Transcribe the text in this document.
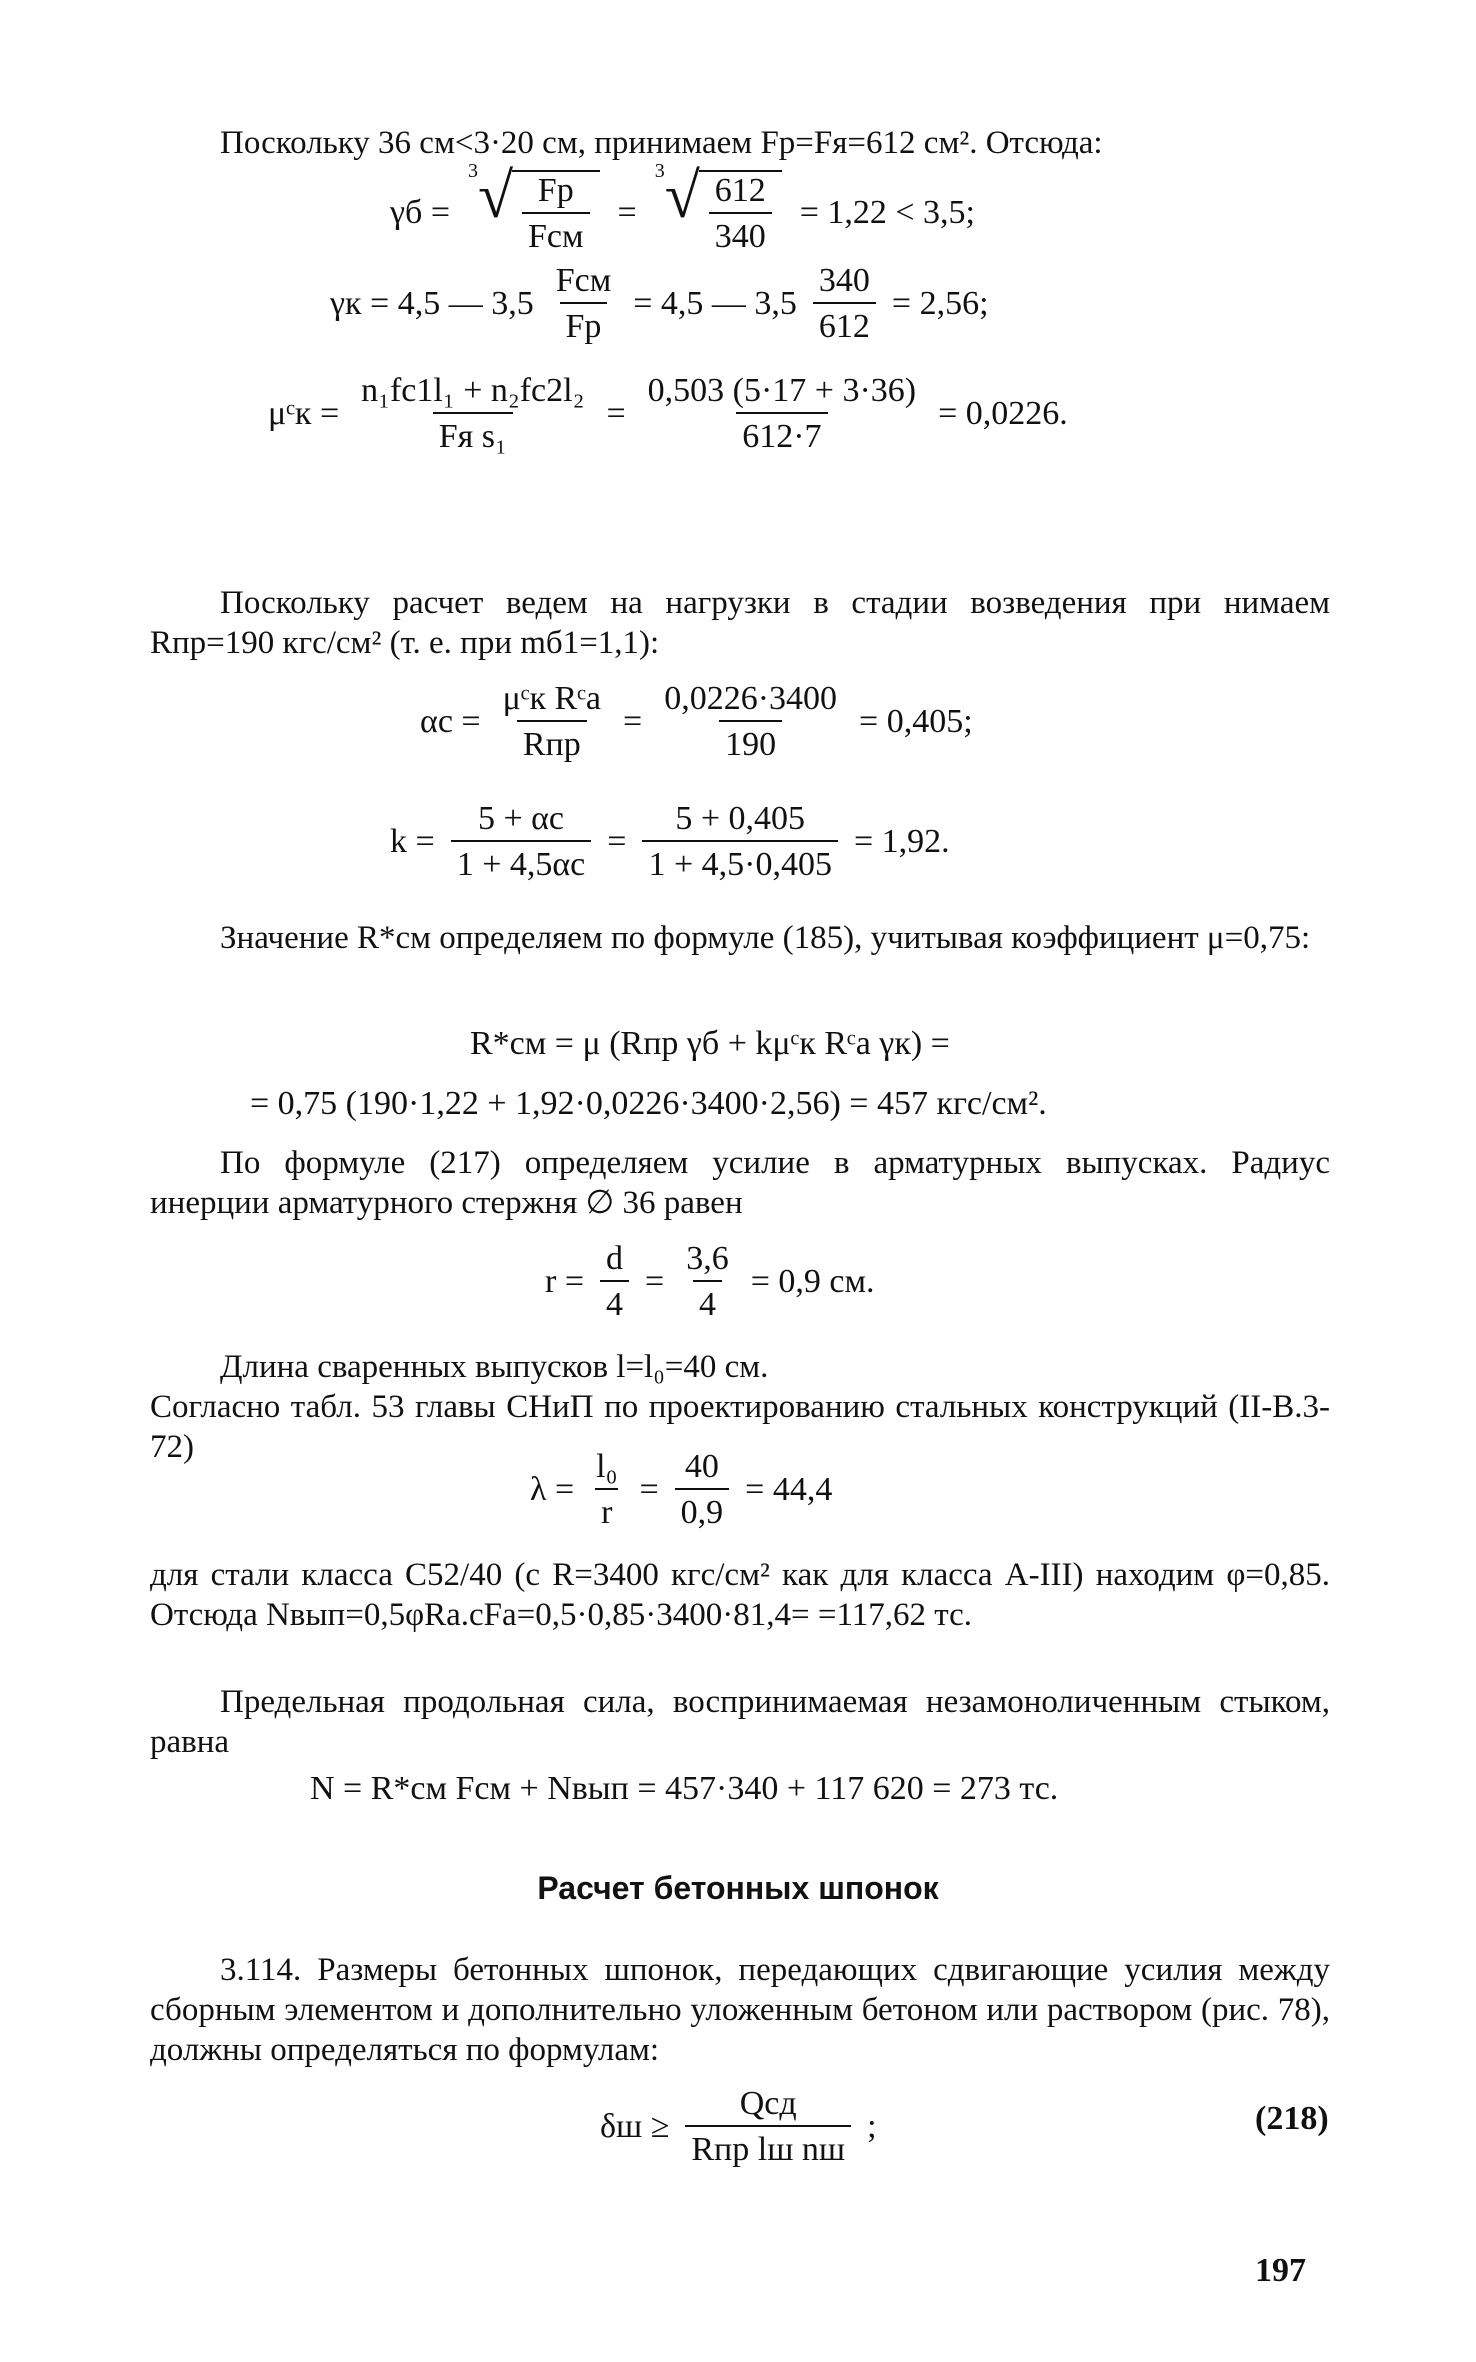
Поскольку 36 см<3·20 см, принимаем Fр=Fя=612 см². Отсюда:
γб =
3 √ $\frac{Fр}{\text{Fсм}}$ =
3 √ $\frac{612}{340} = 1,22 < 3,5$;
γк = 4,5 — $3,5 \frac{\text{Fсм}}{Fр} = 4,5$ — $3,5 \frac{340}{612} = 2,56$;
μᶜк = $\frac{\text{n₁fc1l₁ + n₂fc2l₂}}{\text{Fя s₁}} = \frac{0,503 (5\cdot 17 + 3\cdot 36)}{612\cdot 7} = 0,0226$.
Поскольку расчет ведем на нагрузки в стадии возведения при нимаем Rпр=190 кгс/см² (т. е. при mб1=1,1):
$\alpha c = \frac{\text{μᶜк Rᶜa}}{\text{Rпр}} = \frac{0,0226\cdot 3400}{190} = 0,405$;
$k = \frac{5 + \alpha c}{1 + 4,5\alpha c} = \frac{5 + 0,405}{1 + 4,5\cdot 0,405} = 1,92$.
Значение R*см определяем по формуле (185), учитывая коэффициент μ=0,75:
R*см = μ (Rпр γб + kμᶜк Rᶜa γк) =
= 0,75 (190·1,22 + 1,92·0,0226·3400·2,56) = 457 кгс/см².
По формуле (217) определяем усилие в арматурных выпусках. Радиус инерции арматурного стержня ∅ 36 равен
$r = \frac{d}{4} = \frac{3,6}{4} = 0,9$ см.
Длина сваренных выпусков l=l₀=40 см.
Согласно табл. 53 главы СНиП по проектированию стальных конструкций (II-В.3-72)
$\lambda = \frac{\text{l₀}}{r} = \frac{40}{0,9} = 44,4$
для стали класса С52/40 (с R=3400 кгс/см² как для класса А-III) находим φ=0,85. Отсюда Nвып=0,5φRa.cFa=0,5·0,85·3400·81,4= =117,62 тс.
Предельная продольная сила, воспринимаемая незамоноличенным стыком, равна
N = R*см Fсм + Nвып = 457·340 + 117 620 = 273 тс.
Расчет бетонных шпонок
3.114. Размеры бетонных шпонок, передающих сдвигающие усилия между сборным элементом и дополнительно уложенным бетоном или раствором (рис. 78), должны определяться по формулам:
$\delta ш \ge \frac{\text{Qсд}}{\text{Rпр lш nш}}$ ;	(218)
197
